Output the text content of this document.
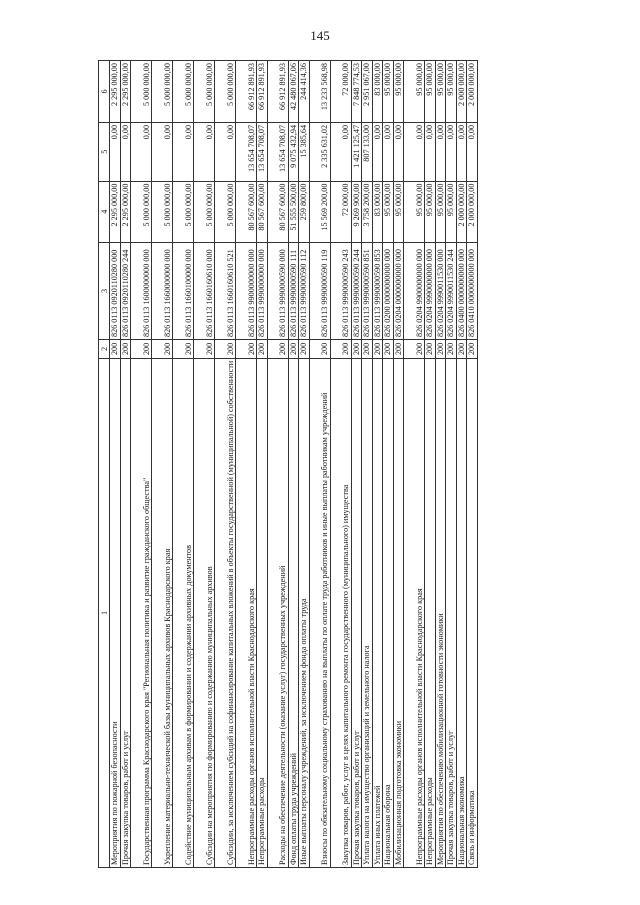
145
1	2	3	4	5	6
Мероприятия по пожарной безопасности	200	826 0113 0920110280 000	2 295 000,00	0,00	2 295 000,00
Прочая закупка товаров, работ и услуг	200	826 0113 0920110280 244	2 295 000,00	0,00	2 295 000,00
Государственная программа Краснодарского края "Региональная политика и развитие гражданского общества"	200	826 0113 1600000000 000	5 000 000,00	0,00	5 000 000,00
Укрепление материально-технической базы муниципальных архивов Краснодарского края	200	826 0113 1660000000 000	5 000 000,00	0,00	5 000 000,00
Содействие муниципальным архивам в формировании и содержании архивных документов	200	826 0113 1660100000 000	5 000 000,00	0,00	5 000 000,00
Субсидии на мероприятия по формированию и содержанию муниципальных архивов	200	826 0113 1660160610 000	5 000 000,00	0,00	5 000 000,00
Субсидии, за исключением субсидий на софинансирование капитальных вложений в объекты государственной (муниципальной) собственности	200	826 0113 1660160610 521	5 000 000,00	0,00	5 000 000,00
Непрограммные расходы органов исполнительной власти Краснодарского края	200	826 0113 9900000000 000	80 567 600,00	13 654 708,07	66 912 891,93
Непрограммные расходы	200	826 0113 9990000000 000	80 567 600,00	13 654 708,07	66 912 891,93
Расходы на обеспечение деятельности (оказание услуг) государственных учреждений	200	826 0113 9990000590 000	80 567 600,00	13 654 708,07	66 912 891,93
Фонд оплаты труда учреждений	200	826 0113 9990000590 111	51 555 500,00	9 075 432,94	42 480 067,06
Иные выплаты персоналу учреждений, за исключением фонда оплаты труда	200	826 0113 9990000590 112	259 800,00	15 385,64	244 414,36
Взносы по обязательному социальному страхованию на выплаты по оплате труда работников и иные выплаты работникам учреждений	200	826 0113 9990000590 119	15 569 200,00	2 335 631,02	13 233 568,98
Закупка товаров, работ, услуг в целях капитального ремонта государственного (муниципального) имущества	200	826 0113 9990000590 243	72 000,00	0,00	72 000,00
Прочая закупка товаров, работ и услуг	200	826 0113 9990000590 244	9 269 900,00	1 421 125,47	7 848 774,53
Уплата налога на имущество организаций и земельного налога	200	826 0113 9990000590 851	3 758 200,00	807 133,00	2 951 067,00
Уплата иных платежей	200	826 0113 9990000590 853	83 000,00	0,00	83 000,00
Национальная оборона	200	826 0200 0000000000 000	95 000,00	0,00	95 000,00
Мобилизационная подготовка экономики	200	826 0204 0000000000 000	95 000,00	0,00	95 000,00
Непрограммные расходы органов исполнительной власти Краснодарского края	200	826 0204 9900000000 000	95 000,00	0,00	95 000,00
Непрограммные расходы	200	826 0204 9990000000 000	95 000,00	0,00	95 000,00
Мероприятия по обеспечению мобилизационной готовности экономики	200	826 0204 9990011530 000	95 000,00	0,00	95 000,00
Прочая закупка товаров, работ и услуг	200	826 0204 9990011530 244	95 000,00	0,00	95 000,00
Национальная экономика	200	826 0400 0000000000 000	2 000 000,00	0,00	2 000 000,00
Связь и информатика	200	826 0410 0000000000 000	2 000 000,00	0,00	2 000 000,00
